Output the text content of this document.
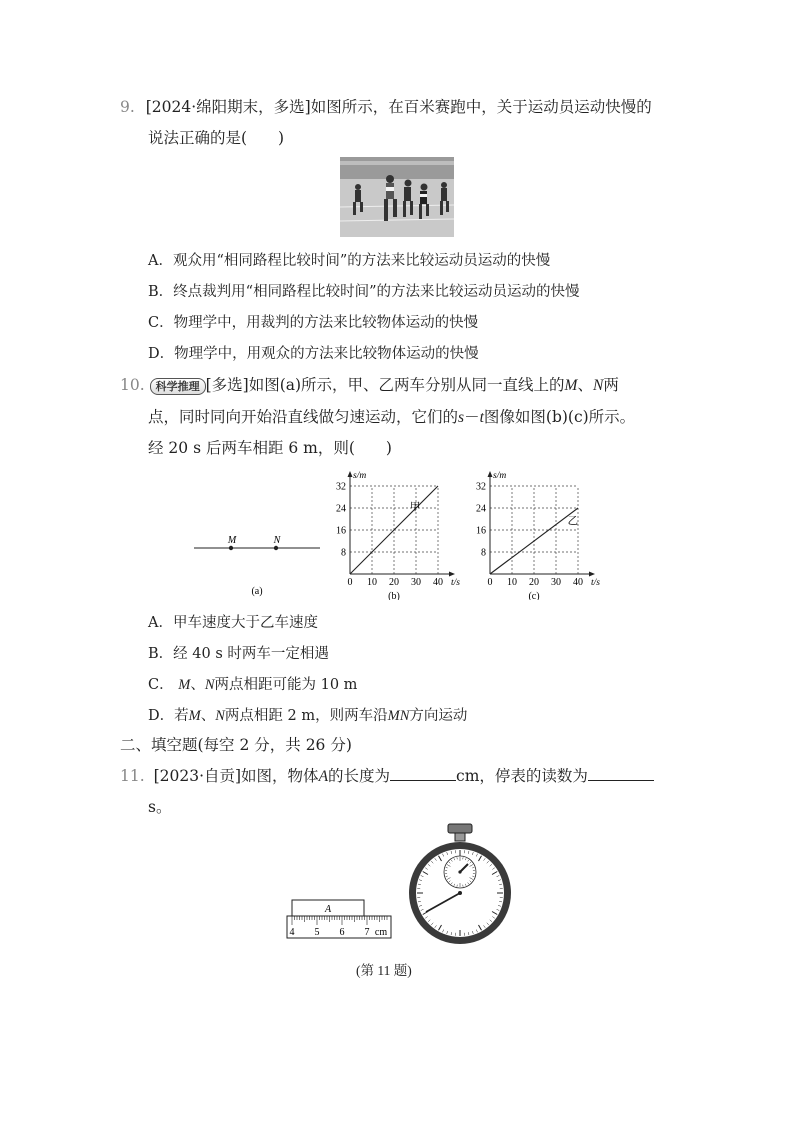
9. [2024·绵阳期末，多选]如图所示，在百米赛跑中，关于运动员运动快慢的
说法正确的是(　　)
A．观众用“相同路程比较时间”的方法来比较运动员运动的快慢
B．终点裁判用“相同路程比较时间”的方法来比较运动员运动的快慢
C．物理学中，用裁判的方法来比较物体运动的快慢
D．物理学中，用观众的方法来比较物体运动的快慢
10. 科学推理 [多选]如图(a)所示，甲、乙两车分别从同一直线上的M、N两
点，同时同向开始沿直线做匀速运动，它们的s－t图像如图(b)(c)所示。
经 20 s 后两车相距 6 m，则(　　)
M	N
(a)
0 10 20 30 40
8
16
24
32
t/s
s/m
甲
(b)
0 10 20 30 40
8
16
24
32
t/s
s/m
乙
(c)
A．甲车速度大于乙车速度
B．经 40 s 时两车一定相遇
C． M、N两点相距可能为 10 m
D．若M、N两点相距 2 m，则两车沿MN方向运动
二、填空题(每空 2 分，共 26 分)
11. [2023·自贡]如图，物体A的长度为	cm，停表的读数为
s。
A
4 5 6 7 cm
(第 11 题)
